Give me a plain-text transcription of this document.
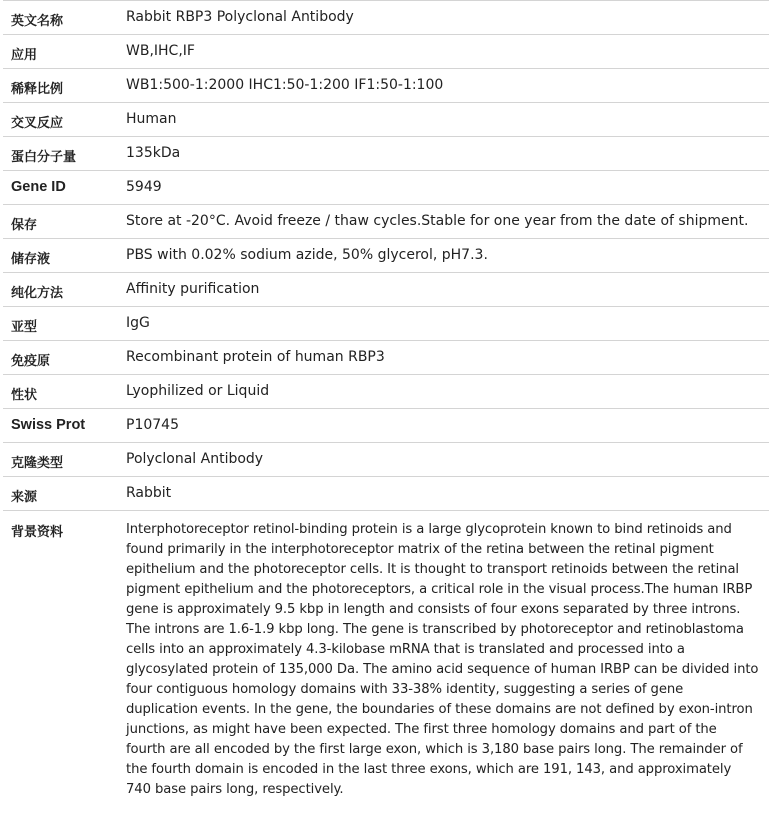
英文名称	Rabbit RBP3 Polyclonal Antibody
应用	WB,IHC,IF
稀释比例	WB1:500-1:2000 IHC1:50-1:200 IF1:50-1:100
交叉反应	Human
蛋白分子量	135kDa
Gene ID	5949
保存	Store at -20°C. Avoid freeze / thaw cycles.Stable for one year from the date of shipment.
储存液	PBS with 0.02% sodium azide, 50% glycerol, pH7.3.
纯化方法	Affinity purification
亚型	IgG
免疫原	Recombinant protein of human RBP3
性状	Lyophilized or Liquid
Swiss Prot	P10745
克隆类型	Polyclonal Antibody
来源	Rabbit
背景资料	Interphotoreceptor retinol-binding protein is a large glycoprotein known to bind retinoids and found primarily in the interphotoreceptor matrix of the retina between the retinal pigment epithelium and the photoreceptor cells. It is thought to transport retinoids between the retinal pigment epithelium and the photoreceptors, a critical role in the visual process.The human IRBP gene is approximately 9.5 kbp in length and consists of four exons separated by three introns. The introns are 1.6-1.9 kbp long. The gene is transcribed by photoreceptor and retinoblastoma cells into an approximately 4.3-kilobase mRNA that is translated and processed into a glycosylated protein of 135,000 Da. The amino acid sequence of human IRBP can be divided into four contiguous homology domains with 33-38% identity, suggesting a series of gene duplication events. In the gene, the boundaries of these domains are not defined by exon-intron junctions, as might have been expected. The first three homology domains and part of the fourth are all encoded by the first large exon, which is 3,180 base pairs long. The remainder of the fourth domain is encoded in the last three exons, which are 191, 143, and approximately 740 base pairs long, respectively.
